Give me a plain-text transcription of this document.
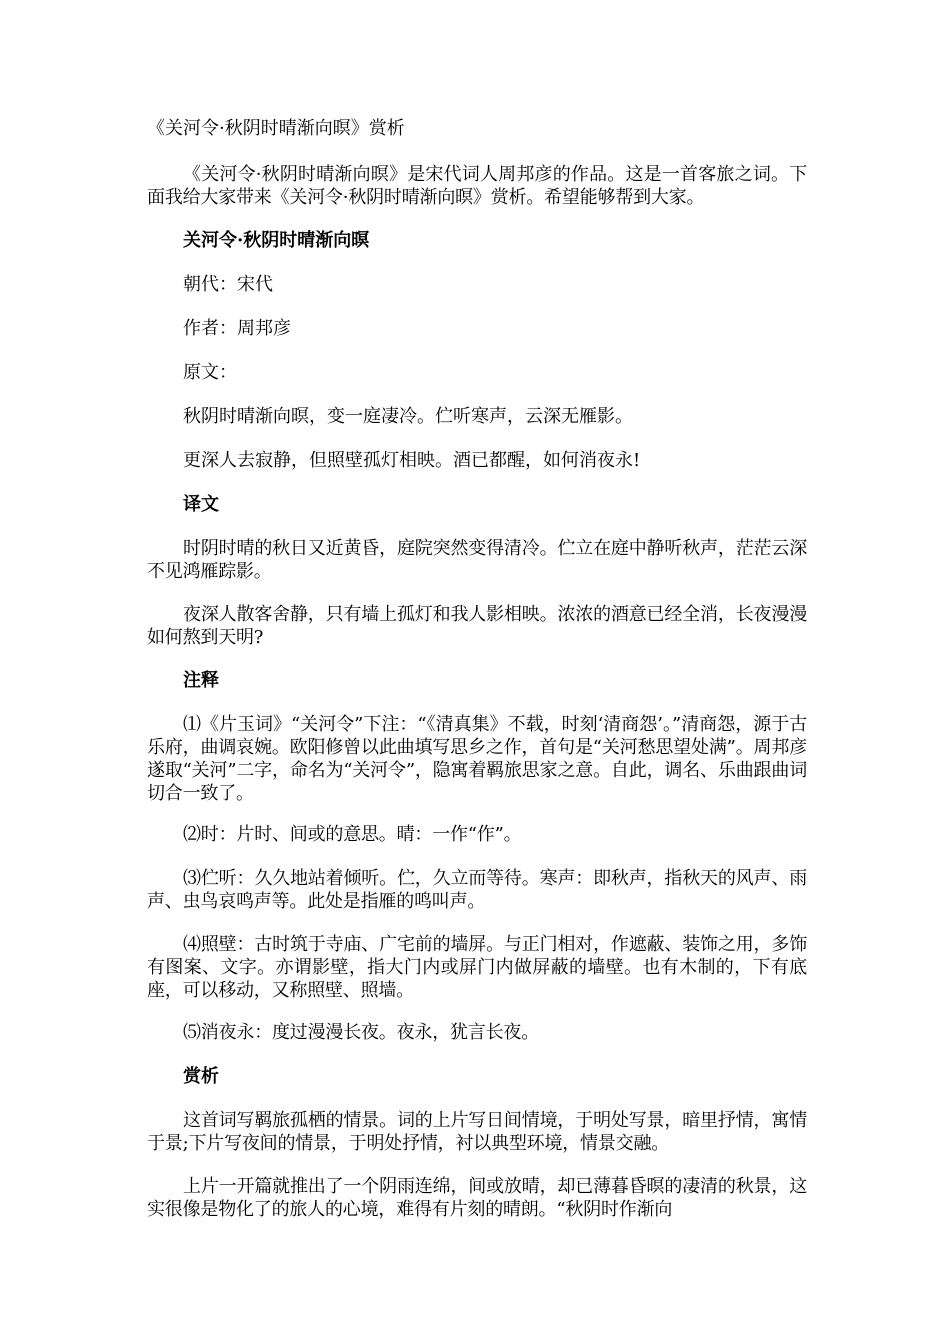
《关河令·秋阴时晴渐向暝》赏析

《关河令·秋阴时晴渐向暝》是宋代词人周邦彦的作品。这是一首客旅之词。下面我给大家带来《关河令·秋阴时晴渐向暝》赏析。希望能够帮到大家。

关河令·秋阴时晴渐向暝

朝代：宋代

作者：周邦彦

原文：

秋阴时晴渐向暝，变一庭凄冷。伫听寒声，云深无雁影。

更深人去寂静，但照壁孤灯相映。酒已都醒，如何消夜永!

译文

时阴时晴的秋日又近黄昏，庭院突然变得清冷。伫立在庭中静听秋声，茫茫云深不见鸿雁踪影。

夜深人散客舍静，只有墙上孤灯和我人影相映。浓浓的酒意已经全消，长夜漫漫如何熬到天明?

注释

⑴《片玉词》“关河令”下注：“《清真集》不载，时刻‘清商怨’。”清商怨，源于古乐府，曲调哀婉。欧阳修曾以此曲填写思乡之作，首句是“关河愁思望处满”。周邦彦遂取“关河”二字，命名为“关河令”，隐寓着羁旅思家之意。自此，调名、乐曲跟曲词切合一致了。

⑵时：片时、间或的意思。晴：一作“作”。

⑶伫听：久久地站着倾听。伫，久立而等待。寒声：即秋声，指秋天的风声、雨声、虫鸟哀鸣声等。此处是指雁的鸣叫声。

⑷照壁：古时筑于寺庙、广宅前的墙屏。与正门相对，作遮蔽、装饰之用，多饰有图案、文字。亦谓影壁，指大门内或屏门内做屏蔽的墙壁。也有木制的，下有底座，可以移动，又称照壁、照墙。

⑸消夜永：度过漫漫长夜。夜永，犹言长夜。

赏析

这首词写羁旅孤栖的情景。词的上片写日间情境，于明处写景，暗里抒情，寓情于景;下片写夜间的情景，于明处抒情，衬以典型环境，情景交融。

上片一开篇就推出了一个阴雨连绵，间或放晴，却已薄暮昏暝的凄清的秋景，这实很像是物化了的旅人的心境，难得有片刻的晴朗。“秋阴时作渐向
